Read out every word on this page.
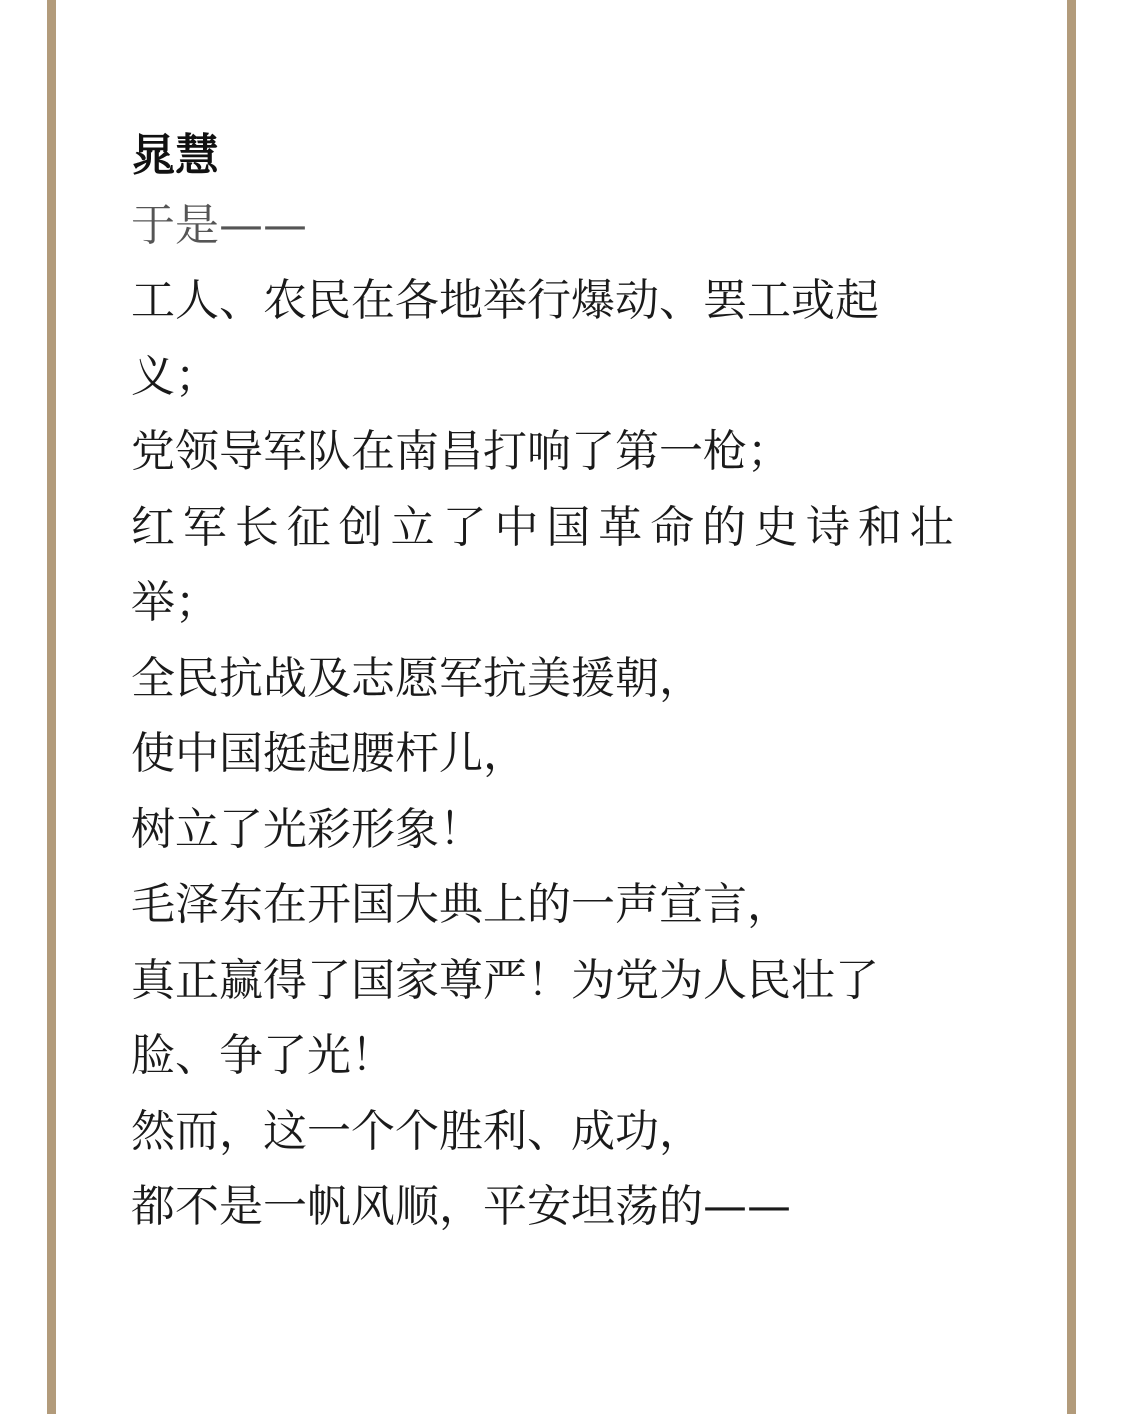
晁慧
于是——
工人、农民在各地举行爆动、罢工或起
义；
党领导军队在南昌打响了第一枪；
红军长征创立了中国革命的史诗和壮
举；
全民抗战及志愿军抗美援朝，
使中国挺起腰杆儿，
树立了光彩形象！
毛泽东在开国大典上的一声宣言，
真正赢得了国家尊严！为党为人民壮了
脸、争了光！
然而，这一个个胜利、成功，
都不是一帆风顺，平安坦荡的——
